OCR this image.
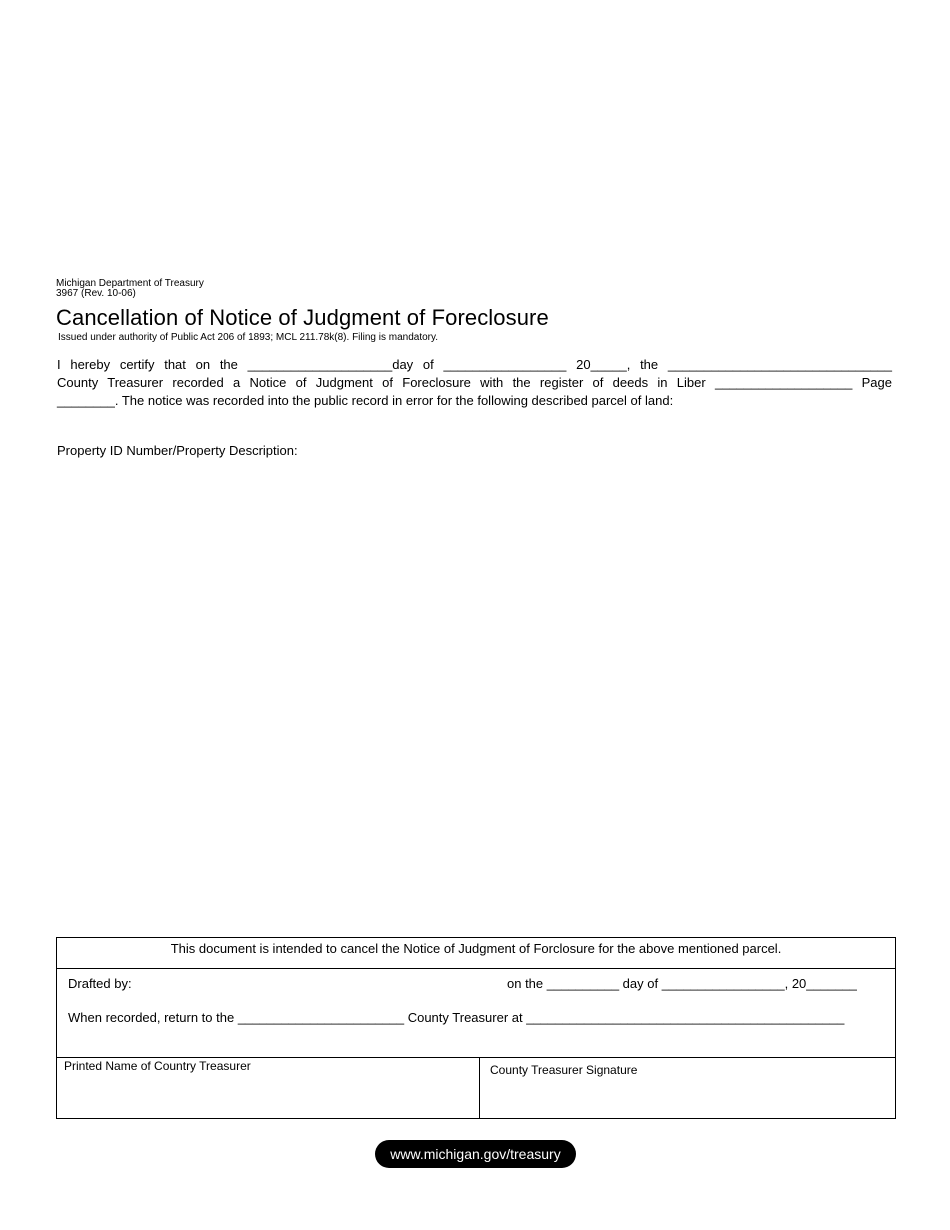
Michigan Department of Treasury
3967 (Rev. 10-06)
Cancellation of Notice of Judgment of Foreclosure
Issued under authority of Public Act 206 of 1893; MCL 211.78k(8). Filing is mandatory.
I hereby certify that on the ____________________day of _________________ 20_____, the _______________________________
County Treasurer recorded a Notice of Judgment of Foreclosure with the register of deeds in Liber ___________________ Page
________. The notice was recorded into the public record in error for the following described parcel of land:
Property ID Number/Property Description:
This document is intended to cancel the Notice of Judgment of Forclosure for the above mentioned parcel.
Drafted by:	on the __________ day of _________________, 20_______
When recorded, return to the _______________________ County Treasurer at ____________________________________________
Printed Name of Country Treasurer	County Treasurer Signature
www.michigan.gov/treasury
